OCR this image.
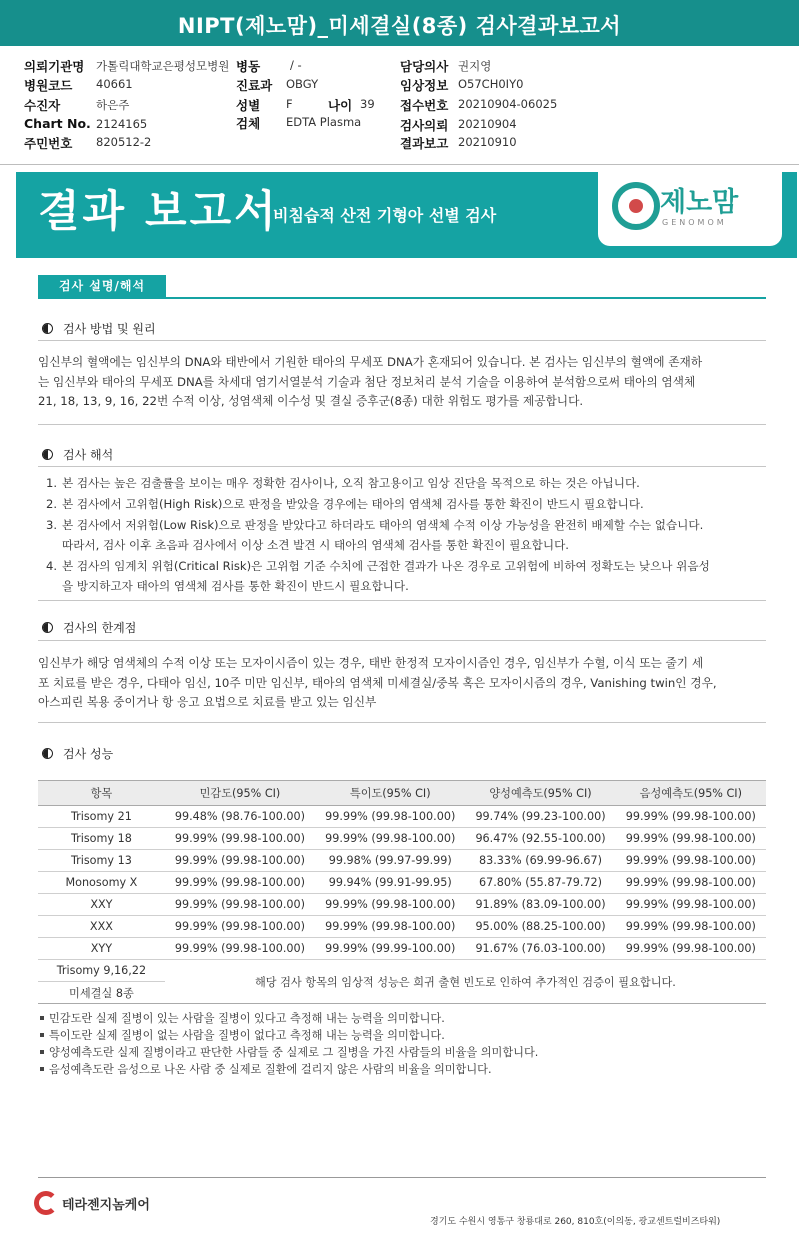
NIPT(제노맘)_미세결실(8종) 검사결과보고서
의뢰기관명 가톨릭대학교은평성모병원 병동	/ -	담당의사 권지영
병원코드 40661	진료과 OBGY	임상정보 O57CH0IY0
수진자	하은주	성별 F	나이 39 접수번호 20210904-06025
Chart No. 2124165	검체 EDTA Plasma	검사의뢰 20210904
주민번호 820512-2	결과보고 20210910
결과 보고서
비침습적 산전 기형아 선별 검사	제노맘
GENOMOM
검사 설명/해석
검사 방법 및 원리
임신부의 혈액에는 임신부의 DNA와 태반에서 기원한 태아의 무세포 DNA가 혼재되어 있습니다. 본 검사는 임신부의 혈액에 존재하
는 임신부와 태아의 무세포 DNA를 차세대 염기서열분석 기술과 첨단 정보처리 분석 기술을 이용하여 분석함으로써 태아의 염색체
21, 18, 13, 9, 16, 22번 수적 이상, 성염색체 이수성 및 결실 증후군(8종) 대한 위험도 평가를 제공합니다.
검사 해석
1. 본 검사는 높은 검출률을 보이는 매우 정확한 검사이나, 오직 참고용이고 임상 진단을 목적으로 하는 것은 아닙니다.
2. 본 검사에서 고위험(High Risk)으로 판정을 받았을 경우에는 태아의 염색체 검사를 통한 확진이 반드시 필요합니다.
3. 본 검사에서 저위험(Low Risk)으로 판정을 받았다고 하더라도 태아의 염색체 수적 이상 가능성을 완전히 배제할 수는 없습니다.
따라서, 검사 이후 초음파 검사에서 이상 소견 발견 시 태아의 염색체 검사를 통한 확진이 필요합니다.
4. 본 검사의 임계치 위험(Critical Risk)은 고위험 기준 수치에 근접한 결과가 나온 경우로 고위험에 비하여 정확도는 낮으나 위음성
을 방지하고자 태아의 염색체 검사를 통한 확진이 반드시 필요합니다.
검사의 한계점
임신부가 해당 염색체의 수적 이상 또는 모자이시즘이 있는 경우, 태반 한정적 모자이시즘인 경우, 임신부가 수혈, 이식 또는 줄기 세
포 치료를 받은 경우, 다태아 임신, 10주 미만 임신부, 태아의 염색체 미세결실/중복 혹은 모자이시즘의 경우, Vanishing twin인 경우,
아스피린 복용 중이거나 항 응고 요법으로 치료를 받고 있는 임신부
검사 성능
항목	민감도(95% CI)	특이도(95% CI)	양성예측도(95% CI)	음성예측도(95% CI)
Trisomy 21	99.48% (98.76-100.00)	99.99% (99.98-100.00)	99.74% (99.23-100.00)	99.99% (99.98-100.00)
Trisomy 18	99.99% (99.98-100.00)	99.99% (99.98-100.00)	96.47% (92.55-100.00)	99.99% (99.98-100.00)
Trisomy 13	99.99% (99.98-100.00)	99.98% (99.97-99.99)	83.33% (69.99-96.67)	99.99% (99.98-100.00)
Monosomy X	99.99% (99.98-100.00)	99.94% (99.91-99.95)	67.80% (55.87-79.72)	99.99% (99.98-100.00)
XXY	99.99% (99.98-100.00)	99.99% (99.98-100.00)	91.89% (83.09-100.00)	99.99% (99.98-100.00)
XXX	99.99% (99.98-100.00)	99.99% (99.98-100.00)	95.00% (88.25-100.00)	99.99% (99.98-100.00)
XYY	99.99% (99.98-100.00)	99.99% (99.99-100.00)	91.67% (76.03-100.00)	99.99% (99.98-100.00)
Trisomy 9,16,22	해당 검사 항목의 임상적 성능은 희귀 출현 빈도로 인하여 추가적인 검증이 필요합니다.			
미세결실 8종				
민감도란 실제 질병이 있는 사람을 질병이 있다고 측정해 내는 능력을 의미합니다.
특이도란 실제 질병이 없는 사람을 질병이 없다고 측정해 내는 능력을 의미합니다.
양성예측도란 실제 질병이라고 판단한 사람들 중 실제로 그 질병을 가진 사람들의 비율을 의미합니다.
음성예측도란 음성으로 나온 사람 중 실제로 질환에 걸리지 않은 사람의 비율을 의미합니다.
테라젠지놈케어
경기도 수원시 영통구 창룡대로 260, 810호(이의동, 광교센트럴비즈타워)
